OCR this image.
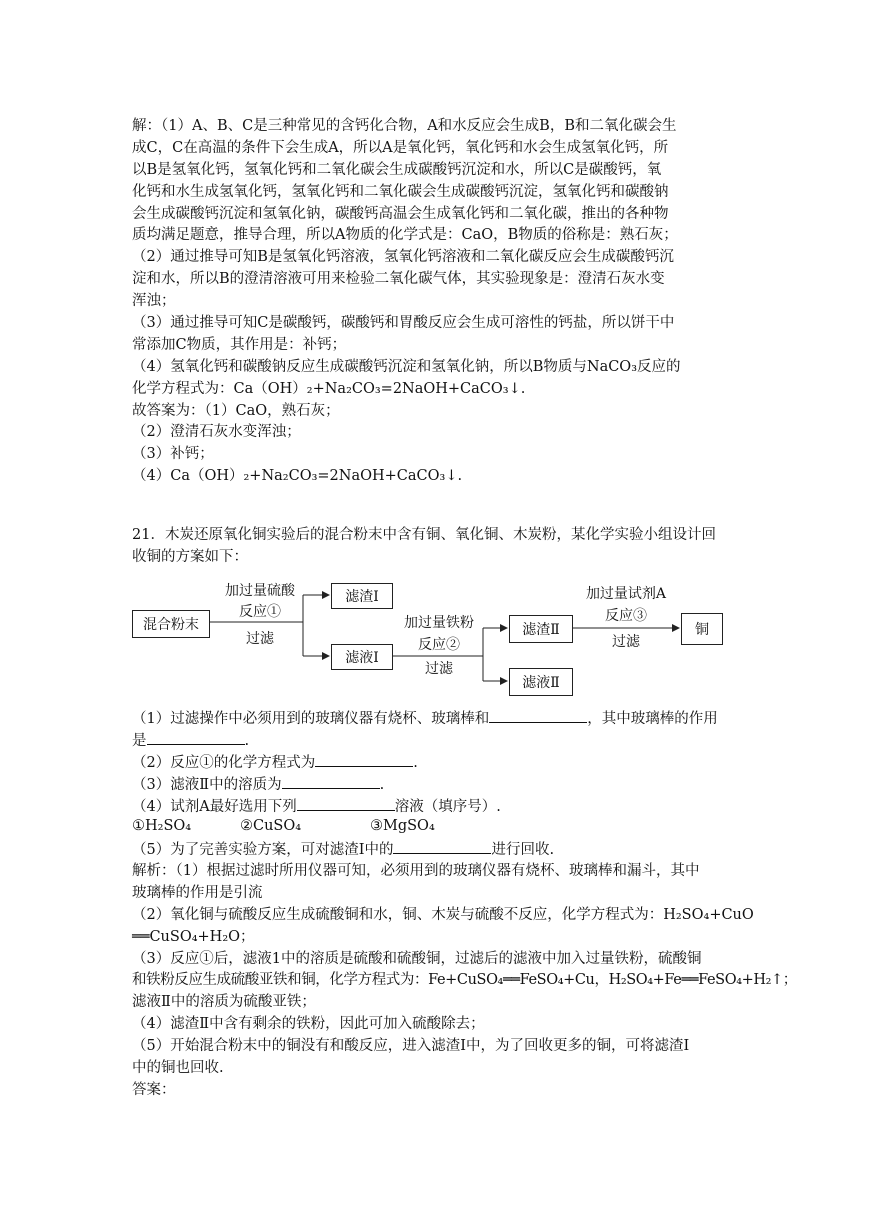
解：（1）A、B、C是三种常见的含钙化合物，A和水反应会生成B，B和二氧化碳会生
成C，C在高温的条件下会生成A，所以A是氧化钙，氧化钙和水会生成氢氧化钙，所
以B是氢氧化钙，氢氧化钙和二氧化碳会生成碳酸钙沉淀和水，所以C是碳酸钙，氧
化钙和水生成氢氧化钙，氢氧化钙和二氧化碳会生成碳酸钙沉淀，氢氧化钙和碳酸钠
会生成碳酸钙沉淀和氢氧化钠，碳酸钙高温会生成氧化钙和二氧化碳，推出的各种物
质均满足题意，推导合理，所以A物质的化学式是：CaO，B物质的俗称是：熟石灰；
（2）通过推导可知B是氢氧化钙溶液，氢氧化钙溶液和二氧化碳反应会生成碳酸钙沉
淀和水，所以B的澄清溶液可用来检验二氧化碳气体，其实验现象是：澄清石灰水变
浑浊；
（3）通过推导可知C是碳酸钙，碳酸钙和胃酸反应会生成可溶性的钙盐，所以饼干中
常添加C物质，其作用是：补钙；
（4）氢氧化钙和碳酸钠反应生成碳酸钙沉淀和氢氧化钠，所以B物质与NaCO₃反应的
化学方程式为：Ca（OH）₂+Na₂CO₃=2NaOH+CaCO₃↓.
故答案为：（1）CaO，熟石灰；
（2）澄清石灰水变浑浊；
（3）补钙；
（4）Ca（OH）₂+Na₂CO₃=2NaOH+CaCO₃↓.
21．木炭还原氧化铜实验后的混合粉末中含有铜、氧化铜、木炭粉，某化学实验小组设计回
收铜的方案如下：
混合粉末
滤渣Ⅰ
滤液Ⅰ
滤渣Ⅱ
滤液Ⅱ
铜
加过量硫酸
反应①
过滤
加过量铁粉
反应②
过滤
加过量试剂A
反应③
过滤
（1）过滤操作中必须用到的玻璃仪器有烧杯、玻璃棒和	，其中玻璃棒的作用
是	.
（2）反应①的化学方程式为	.
（3）滤液Ⅱ中的溶质为	.
（4）试剂A最好选用下列	溶液（填序号）.
①H₂SO₄	②CuSO₄	③MgSO₄
（5）为了完善实验方案，可对滤渣Ⅰ中的	进行回收.
解析：（1）根据过滤时所用仪器可知，必须用到的玻璃仪器有烧杯、玻璃棒和漏斗，其中
玻璃棒的作用是引流
（2）氧化铜与硫酸反应生成硫酸铜和水，铜、木炭与硫酸不反应，化学方程式为：H₂SO₄+CuO
══CuSO₄+H₂O；
（3）反应①后，滤液1中的溶质是硫酸和硫酸铜，过滤后的滤液中加入过量铁粉，硫酸铜
和铁粉反应生成硫酸亚铁和铜，化学方程式为：Fe+CuSO₄══FeSO₄+Cu，H₂SO₄+Fe══FeSO₄+H₂↑；
滤液Ⅱ中的溶质为硫酸亚铁；
（4）滤渣Ⅱ中含有剩余的铁粉，因此可加入硫酸除去；
（5）开始混合粉末中的铜没有和酸反应，进入滤渣Ⅰ中，为了回收更多的铜，可将滤渣Ⅰ
中的铜也回收.
答案：
